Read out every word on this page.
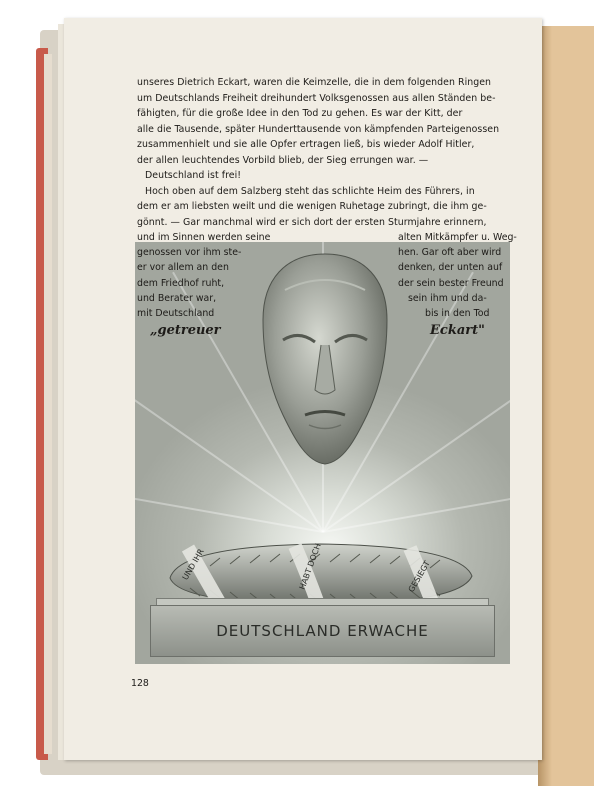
unseres Dietrich Eckart, waren die Keimzelle, die in dem folgenden Ringen
um Deutschlands Freiheit dreihundert Volksgenossen aus allen Ständen be-
fähigten, für die große Idee in den Tod zu gehen. Es war der Kitt, der
alle die Tausende, später Hunderttausende von kämpfenden Parteigenossen
zusammenhielt und sie alle Opfer ertragen ließ, bis wieder Adolf Hitler,
der allen leuchtendes Vorbild blieb, der Sieg errungen war. —
Deutschland ist frei!
Hoch oben auf dem Salzberg steht das schlichte Heim des Führers, in
dem er am liebsten weilt und die wenigen Ruhetage zubringt, die ihm ge-
gönnt. — Gar manchmal wird er sich dort der ersten Sturmjahre erinnern,
und im Sinnen werden seine
genossen vor ihm ste-
er vor allem an den
dem Friedhof ruht,
und Berater war,
mit Deutschland
alten Mitkämpfer u. Weg-
hen. Gar oft aber wird
denken, der unten auf
der sein bester Freund
sein ihm und da-
bis in den Tod
„getreuer	Eckart"
UND IHR	HABT DOCH	GESIEGT
DEUTSCHLAND ERWACHE
128
